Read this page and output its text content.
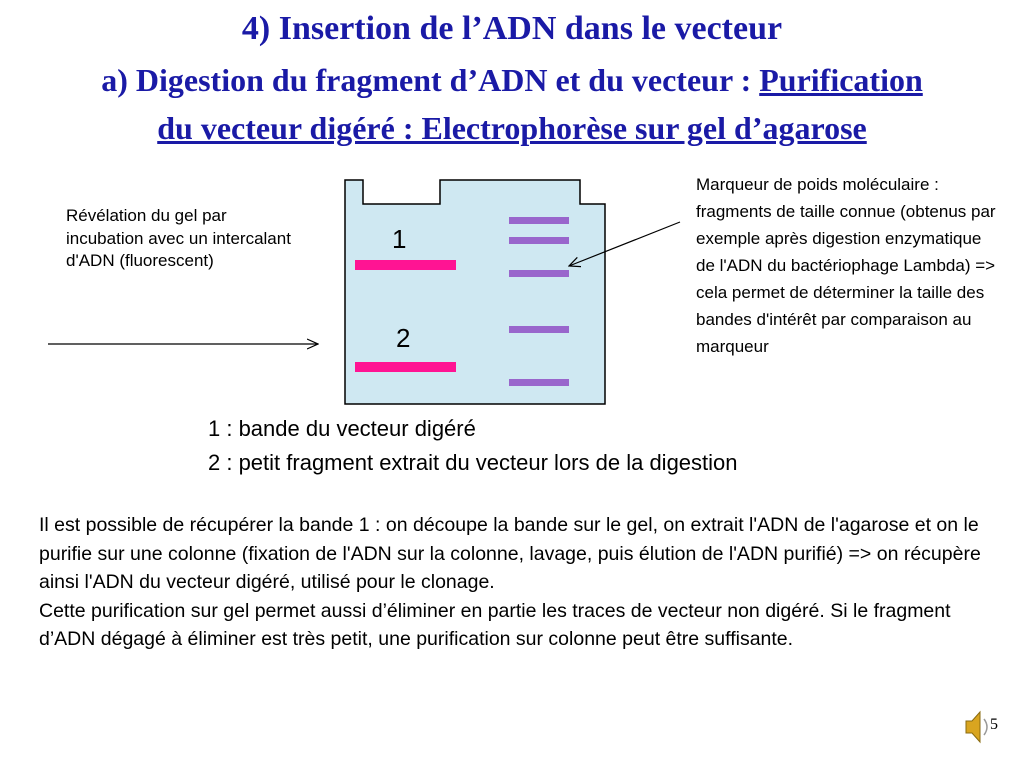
4) Insertion de l’ADN dans le vecteur
a) Digestion du fragment d’ADN et du vecteur : Purification
du vecteur digéré : Electrophorèse sur gel d’agarose
1
2

Révélation du gel par incubation avec un intercalant d'ADN (fluorescent)

Marqueur de poids moléculaire : fragments de taille connue (obtenus par exemple après digestion enzymatique de l'ADN du bactériophage Lambda) => cela permet de déterminer la taille des bandes d'intérêt par comparaison au marqueur

1 : bande du vecteur digéré

2 : petit fragment extrait du vecteur lors de la digestion

Il est possible de récupérer la bande 1 : on découpe la bande sur le gel, on extrait l'ADN de l'agarose et on le purifie sur une colonne (fixation de l'ADN sur la colonne, lavage, puis élution de l'ADN purifié) => on récupère ainsi l'ADN du vecteur digéré, utilisé pour le clonage.

Cette purification sur gel permet aussi d’éliminer en partie les traces de vecteur non digéré. Si le fragment d’ADN dégagé à éliminer est très petit, une purification sur colonne peut être suffisante.

5
